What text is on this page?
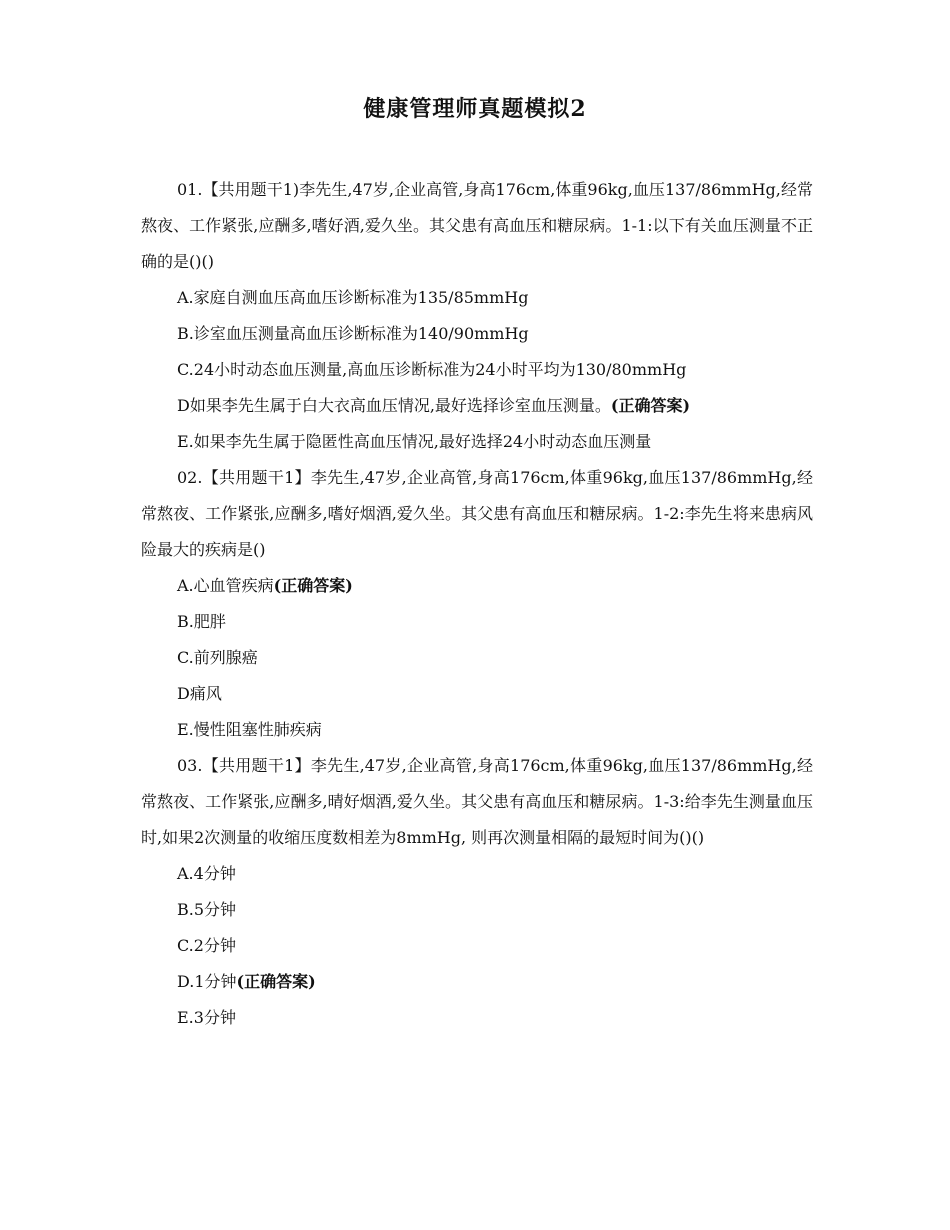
健康管理师真题模拟2

01.【共用题干1)李先生,47岁,企业高管,身高176cm,体重96kg,血压137/86mmHg,经常熬夜、工作紧张,应酬多,嗜好酒,爱久坐。其父患有高血压和糖尿病。1-1:以下有关血压测量不正确的是()()

A.家庭自测血压高血压诊断标准为135/85mmHg

B.诊室血压测量高血压诊断标准为140/90mmHg

C.24小时动态血压测量,高血压诊断标准为24小时平均为130/80mmHg

D如果李先生属于白大衣高血压情况,最好选择诊室血压测量。(正确答案)

E.如果李先生属于隐匿性高血压情况,最好选择24小时动态血压测量

02.【共用题干1】李先生,47岁,企业高管,身高176cm,体重96kg,血压137/86mmHg,经常熬夜、工作紧张,应酬多,嗜好烟酒,爱久坐。其父患有高血压和糖尿病。1-2:李先生将来患病风险最大的疾病是()

A.心血管疾病(正确答案)

B.肥胖

C.前列腺癌

D痛风

E.慢性阻塞性肺疾病

03.【共用题干1】李先生,47岁,企业高管,身高176cm,体重96kg,血压137/86mmHg,经常熬夜、工作紧张,应酬多,晴好烟酒,爱久坐。其父患有高血压和糖尿病。1-3:给李先生测量血压时,如果2次测量的收缩压度数相差为8mmHg, 则再次测量相隔的最短时间为()()

A.4分钟

B.5分钟

C.2分钟

D.1分钟(正确答案)

E.3分钟
